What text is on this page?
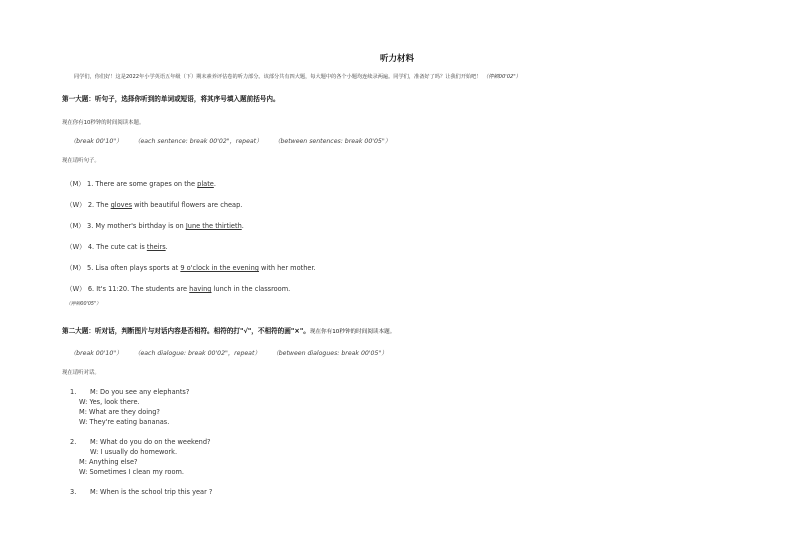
听力材料
同学们，你们好！这是2022年小学英语五年级（下）期末素养评估卷的听力部分。该部分共有四大题，每大题中的各个小题均连续录两遍。同学们，准备好了吗？让我们开始吧！ （停顿00'02"）
第一大题：听句子，选择你听到的单词或短语，将其序号填入题前括号内。
现在你有10秒钟的时间阅读本题。
（break 00'10"） （each sentence: break 00'02"，repeat） （between sentences: break 00'05"）
现在请听句子。
（M） 1. There are some grapes on the plate.
（W） 2. The gloves with beautiful flowers are cheap.
（M） 3. My mother's birthday is on June the thirtieth.
（W） 4. The cute cat is theirs.
（M） 5. Lisa often plays sports at 9 o'clock in the evening with her mother.
（W） 6. It's 11:20. The students are having lunch in the classroom.
（停顿00'05"）
第二大题：听对话，判断图片与对话内容是否相符。相符的打"√"，不相符的画"×"。现在你有10秒钟的时间阅读本题。
（break 00'10"） （each dialogue: break 00'02"，repeat） （between dialogues: break 00'05"）
现在请听对话。
1. M: Do you see any elephants?
W: Yes, look there.
M: What are they doing?
W: They're eating bananas.
2. M: What do you do on the weekend?
W: I usually do homework.
M: Anything else?
W: Sometimes I clean my room.
3. M: When is the school trip this year ?
